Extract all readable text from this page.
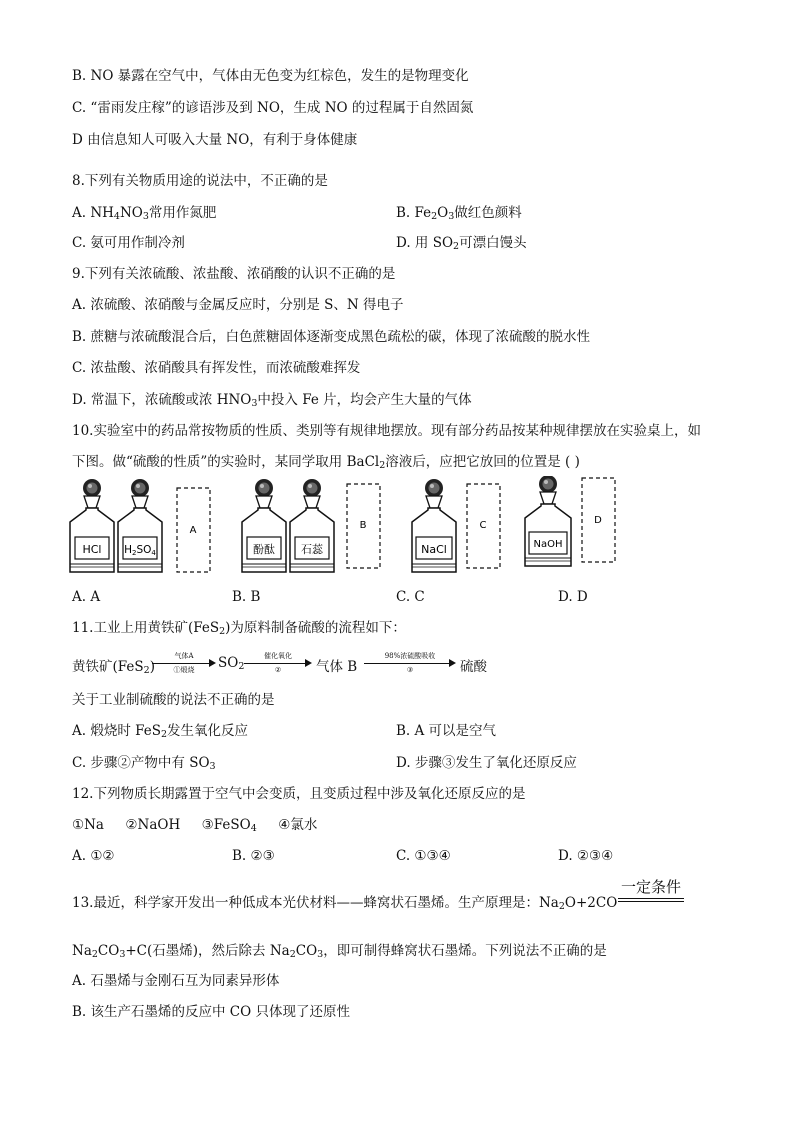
B. NO 暴露在空气中，气体由无色变为红棕色，发生的是物理变化
C. “雷雨发庄稼”的谚语涉及到 NO，生成 NO 的过程属于自然固氮
D 由信息知人可吸入大量 NO，有利于身体健康
8.下列有关物质用途的说法中，不正确的是
A. $NH_4NO_3$常用作氮肥	B. $Fe_2O_3$做红色颜料
C. 氨可用作制冷剂	D. 用 $SO_2$可漂白馒头
9.下列有关浓硫酸、浓盐酸、浓硝酸的认识不正确的是
A. 浓硫酸、浓硝酸与金属反应时，分别是 S、N 得电子
B. 蔗糖与浓硫酸混合后，白色蔗糖固体逐渐变成黑色疏松的碳，体现了浓硫酸的脱水性
C. 浓盐酸、浓硝酸具有挥发性，而浓硫酸难挥发
D. 常温下，浓硫酸或浓 $HNO_3$中投入 Fe 片，均会产生大量的气体
10.实验室中的药品常按物质的性质、类别等有规律地摆放。现有部分药品按某种规律摆放在实验桌上，如
下图。做“硫酸的性质”的实验时，某同学取用 BaCl$_2$溶液后，应把它放回的位置是 ( )
HCl H2SO4	酚酞 石蕊	NaCl	NaOH
A	B	C	D
A. A	B. B	C. C	D. D
11.工业上用黄铁矿(FeS$_2$)为原料制备硫酸的流程如下：
黄铁矿(FeS$_2$)
气体A
①煅烧	$SO_2$
催化氧化
②	气体 B
98%浓硫酸吸收
③	硫酸
关于工业制硫酸的说法不正确的是
A. 煅烧时 FeS$_2$发生氧化反应	B. A 可以是空气
C. 步骤②产物中有 $SO_3$	D. 步骤③发生了氧化还原反应
12.下列物质长期露置于空气中会变质，且变质过程中涉及氧化还原反应的是
①Na     ②NaOH     ③FeSO$_4$     ④氯水
A. ①②	B. ②③	C. ①③④	D. ②③④
13.最近，科学家开发出一种低成本光伏材料——蜂窝状石墨烯。生产原理是：$Na_2O+2CO$
一定条件
$Na_2CO_3+C$(石墨烯)，然后除去 $Na_2CO_3$，即可制得蜂窝状石墨烯。下列说法不正确的是
A. 石墨烯与金刚石互为同素异形体
B. 该生产石墨烯的反应中 CO 只体现了还原性
